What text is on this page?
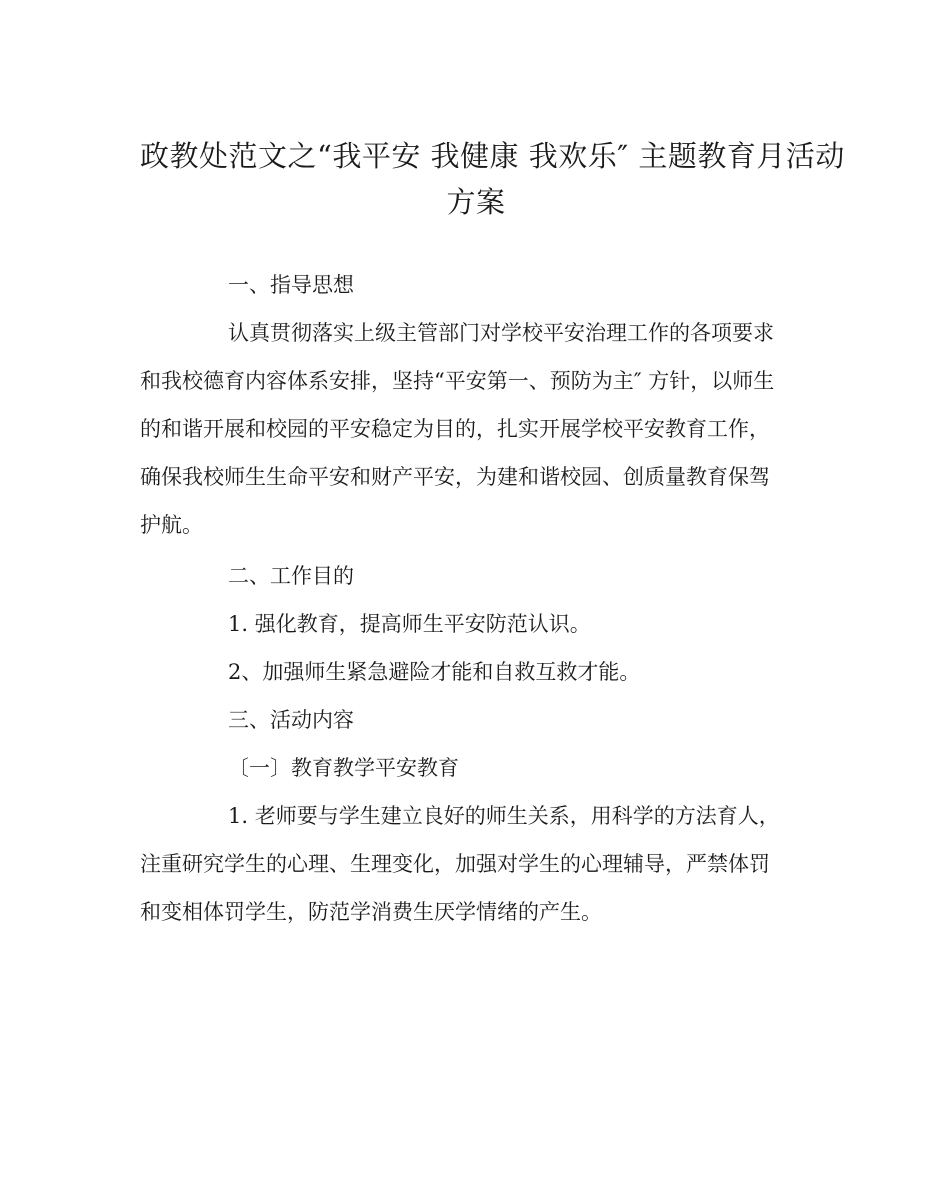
政教处范文之“我平安 我健康 我欢乐″ 主题教育月活动
方案

一、指导思想

认真贯彻落实上级主管部门对学校平安治理工作的各项要求

和我校德育内容体系安排，坚持“平安第一、预防为主″ 方针，以师生

的和谐开展和校园的平安稳定为目的，扎实开展学校平安教育工作，

确保我校师生生命平安和财产平安，为建和谐校园、创质量教育保驾

护航。

二、工作目的

1. 强化教育，提高师生平安防范认识。

2、加强师生紧急避险才能和自救互救才能。

三、活动内容

〔一〕教育教学平安教育

1. 老师要与学生建立良好的师生关系，用科学的方法育人，

注重研究学生的心理、生理变化，加强对学生的心理辅导，严禁体罚

和变相体罚学生，防范学消费生厌学情绪的产生。
